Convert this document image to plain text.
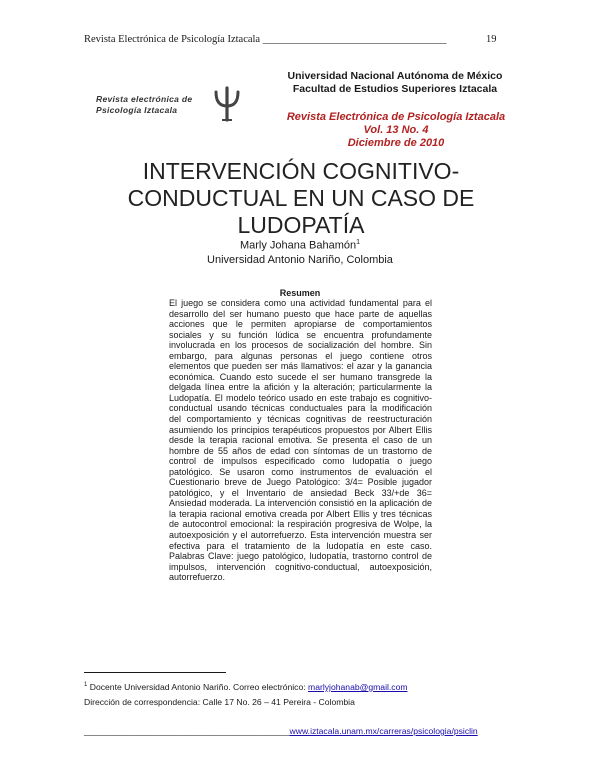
Revista Electrónica de Psicología Iztacala ___________________________________	19
Revista electrónica de
Psicología Iztacala
Universidad Nacional Autónoma de México
Facultad de Estudios Superiores Iztacala
Revista Electrónica de Psicología Iztacala
Vol. 13 No. 4
Diciembre de 2010
INTERVENCIÓN COGNITIVO-
CONDUCTUAL EN UN CASO DE
LUDOPATÍA
Marly Johana Bahamón$^1$
Universidad Antonio Nariño, Colombia
Resumen
El juego se considera como una actividad fundamental para el desarrollo del ser humano puesto que hace parte de aquellas acciones que le permiten apropiarse de comportamientos sociales y su función lúdica se encuentra profundamente involucrada en los procesos de socialización del hombre. Sin embargo, para algunas personas el juego contiene otros elementos que pueden ser más llamativos: el azar y la ganancia económica. Cuando esto sucede el ser humano transgrede la delgada línea entre la afición y la alteración; particularmente la Ludopatía. El modelo teórico usado en este trabajo es cognitivo-conductual usando técnicas conductuales para la modificación del comportamiento y técnicas cognitivas de reestructuración asumiendo los principios terapéuticos propuestos por Albert Ellis desde la terapia racional emotiva. Se presenta el caso de un hombre de 55 años de edad con síntomas de un trastorno de control de impulsos especificado como ludopatía o juego patológico. Se usaron como instrumentos de evaluación el Cuestionario breve de Juego Patológico: 3/4= Posible jugador patológico, y el Inventario de ansiedad Beck 33/+de 36= Ansiedad moderada. La intervención consistió en la aplicación de la terapia racional emotiva creada por Albert Ellis y tres técnicas de autocontrol emocional: la respiración progresiva de Wolpe, la autoexposición y el autorrefuerzo. Esta intervención muestra ser efectiva para el tratamiento de la ludopatía en este caso. Palabras Clave: juego patológico, ludopatía, trastorno control de impulsos, intervención cognitivo-conductual, autoexposición, autorrefuerzo.
$^1$ Docente Universidad Antonio Nariño. Correo electrónico: marlyjohanab@gmail.com
Dirección de correspondencia: Calle 17 No. 26 – 41 Pereira - Colombia
___________________________________________www.iztacala.unam.mx/carreras/psicologia/psiclin
